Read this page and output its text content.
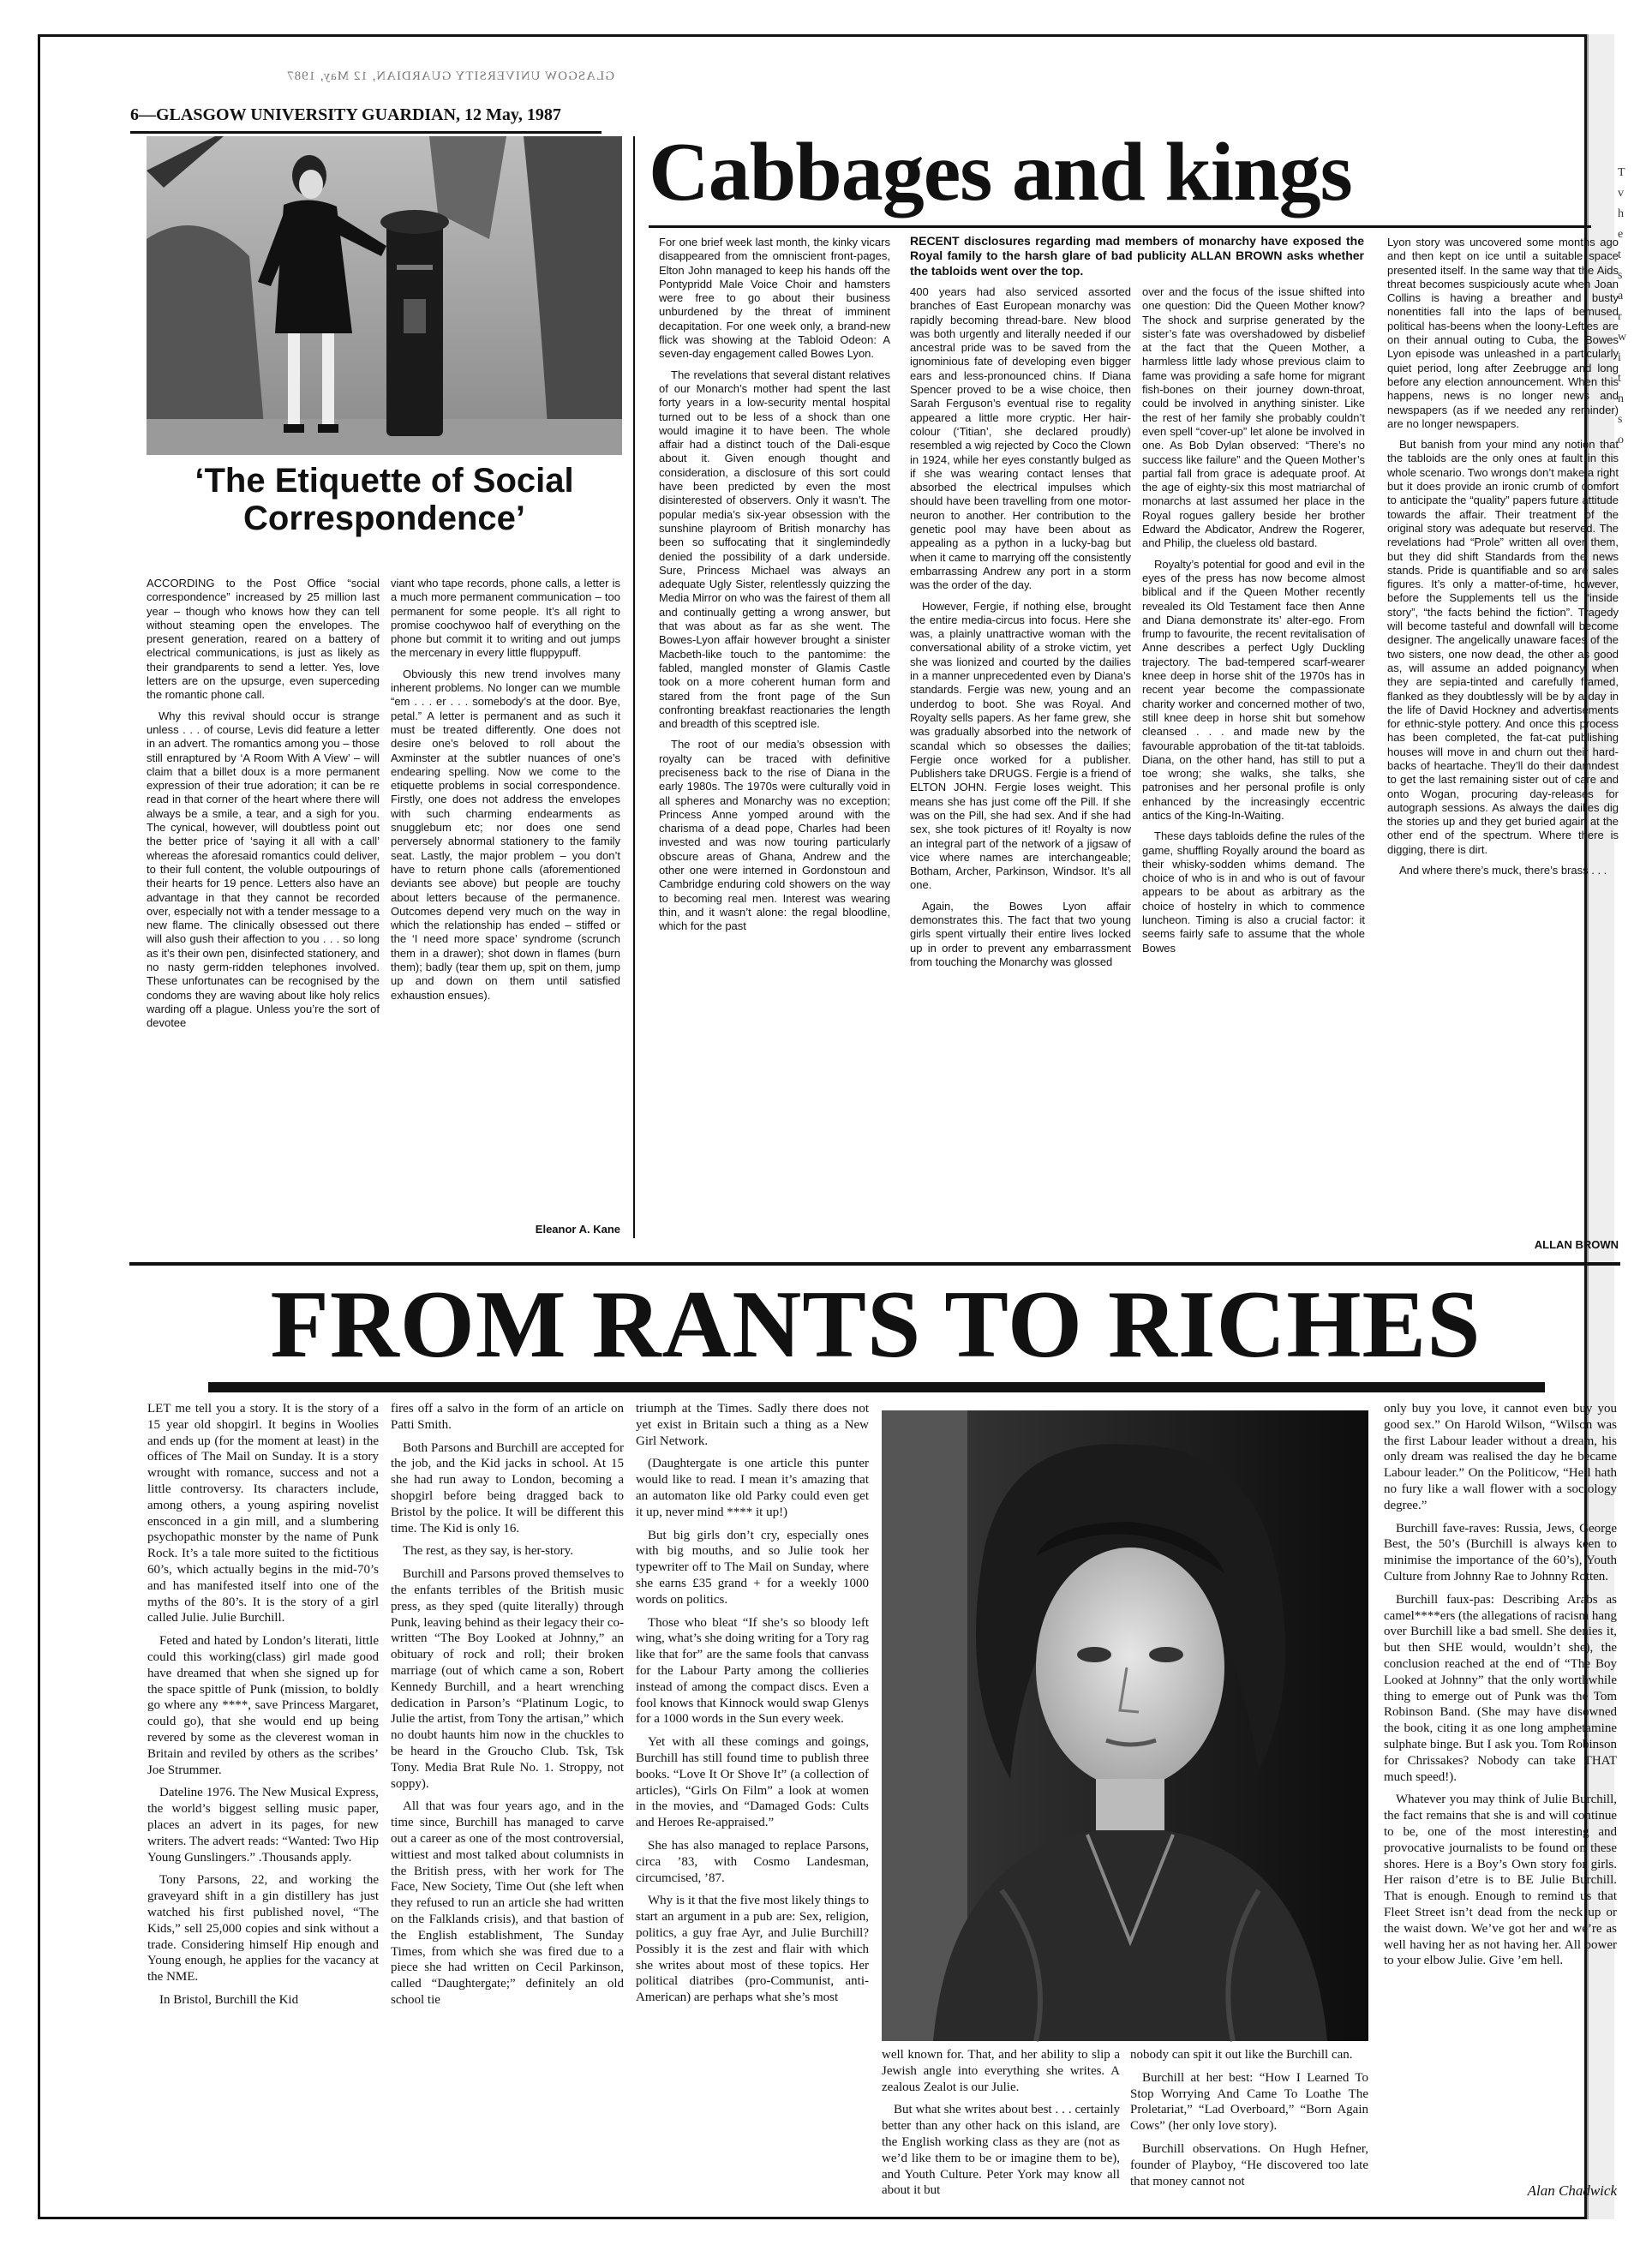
T
v
h
e
t
s
a
r
w
i
t
n
s
o
GLASGOW UNIVERSITY GUARDIAN, 12 May, 1987
6—GLASGOW UNIVERSITY GUARDIAN, 12 May, 1987
‘The Etiquette of Social Correspondence’

ACCORDING to the Post Office “social correspondence” increased by 25 million last year – though who knows how they can tell without steaming open the envelopes. The present generation, reared on a battery of electrical communications, is just as likely as their grandparents to send a letter. Yes, love letters are on the upsurge, even superceding the romantic phone call.

Why this revival should occur is strange unless . . . of course, Levis did feature a letter in an advert. The romantics among you – those still enraptured by ‘A Room With A View’ – will claim that a billet doux is a more permanent expression of their true adoration; it can be re read in that corner of the heart where there will always be a smile, a tear, and a sigh for you. The cynical, however, will doubtless point out the better price of ‘saying it all with a call’ whereas the aforesaid romantics could deliver, to their full content, the voluble outpourings of their hearts for 19 pence. Letters also have an advantage in that they cannot be recorded over, especially not with a tender message to a new flame. The clinically obsessed out there will also gush their affection to you . . . so long as it’s their own pen, disinfected stationery, and no nasty germ-ridden telephones involved. These unfortunates can be recognised by the condoms they are waving about like holy relics warding off a plague. Unless you’re the sort of devotee

viant who tape records, phone calls, a letter is a much more permanent communication – too permanent for some people. It’s all right to promise coochywoo half of everything on the phone but commit it to writing and out jumps the mercenary in every little fluppypuff.

Obviously this new trend involves many inherent problems. No longer can we mumble “em . . . er . . . somebody’s at the door. Bye, petal.” A letter is permanent and as such it must be treated differently. One does not desire one’s beloved to roll about the Axminster at the subtler nuances of one’s endearing spelling. Now we come to the etiquette problems in social correspondence. Firstly, one does not address the envelopes with such charming endearments as snugglebum etc; nor does one send perversely abnormal stationery to the family seat. Lastly, the major problem – you don’t have to return phone calls (aforementioned deviants see above) but people are touchy about letters because of the permanence. Outcomes depend very much on the way in which the relationship has ended – stiffed or the ‘I need more space’ syndrome (scrunch them in a drawer); shot down in flames (burn them); badly (tear them up, spit on them, jump up and down on them until satisfied exhaustion ensues).

Eleanor A. Kane
Cabbages and kings

For one brief week last month, the kinky vicars disappeared from the omniscient front-pages, Elton John managed to keep his hands off the Pontypridd Male Voice Choir and hamsters were free to go about their business unburdened by the threat of imminent decapitation. For one week only, a brand-new flick was showing at the Tabloid Odeon: A seven-day engagement called Bowes Lyon.

The revelations that several distant relatives of our Monarch’s mother had spent the last forty years in a low-security mental hospital turned out to be less of a shock than one would imagine it to have been. The whole affair had a distinct touch of the Dali-esque about it. Given enough thought and consideration, a disclosure of this sort could have been predicted by even the most disinterested of observers. Only it wasn’t. The popular media’s six-year obsession with the sunshine playroom of British monarchy has been so suffocating that it singlemindedly denied the possibility of a dark underside. Sure, Princess Michael was always an adequate Ugly Sister, relentlessly quizzing the Media Mirror on who was the fairest of them all and continually getting a wrong answer, but that was about as far as she went. The Bowes-Lyon affair however brought a sinister Macbeth-like touch to the pantomime: the fabled, mangled monster of Glamis Castle took on a more coherent human form and stared from the front page of the Sun confronting breakfast reactionaries the length and breadth of this sceptred isle.

The root of our media’s obsession with royalty can be traced with definitive preciseness back to the rise of Diana in the early 1980s. The 1970s were culturally void in all spheres and Monarchy was no exception; Princess Anne yomped around with the charisma of a dead pope, Charles had been invested and was now touring particularly obscure areas of Ghana, Andrew and the other one were interned in Gordonstoun and Cambridge enduring cold showers on the way to becoming real men. Interest was wearing thin, and it wasn’t alone: the regal bloodline, which for the past

RECENT disclosures regarding mad members of monarchy have exposed the Royal family to the harsh glare of bad publicity ALLAN BROWN asks whether the tabloids went over the top.

400 years had also serviced assorted branches of East European monarchy was rapidly becoming thread-bare. New blood was both urgently and literally needed if our ancestral pride was to be saved from the ignominious fate of developing even bigger ears and less-pronounced chins. If Diana Spencer proved to be a wise choice, then Sarah Ferguson’s eventual rise to regality appeared a little more cryptic. Her hair-colour (‘Titian’, she declared proudly) resembled a wig rejected by Coco the Clown in 1924, while her eyes constantly bulged as if she was wearing contact lenses that absorbed the electrical impulses which should have been travelling from one motor-neuron to another. Her contribution to the genetic pool may have been about as appealing as a python in a lucky-bag but when it came to marrying off the consistently embarrassing Andrew any port in a storm was the order of the day.

However, Fergie, if nothing else, brought the entire media-circus into focus. Here she was, a plainly unattractive woman with the conversational ability of a stroke victim, yet she was lionized and courted by the dailies in a manner unprecedented even by Diana’s standards. Fergie was new, young and an underdog to boot. She was Royal. And Royalty sells papers. As her fame grew, she was gradually absorbed into the network of scandal which so obsesses the dailies; Fergie once worked for a publisher. Publishers take DRUGS. Fergie is a friend of ELTON JOHN. Fergie loses weight. This means she has just come off the Pill. If she was on the Pill, she had sex. And if she had sex, she took pictures of it! Royalty is now an integral part of the network of a jigsaw of vice where names are interchangeable; Botham, Archer, Parkinson, Windsor. It’s all one.

Again, the Bowes Lyon affair demonstrates this. The fact that two young girls spent virtually their entire lives locked up in order to prevent any embarrassment from touching the Monarchy was glossed

over and the focus of the issue shifted into one question: Did the Queen Mother know? The shock and surprise generated by the sister’s fate was overshadowed by disbelief at the fact that the Queen Mother, a harmless little lady whose previous claim to fame was providing a safe home for migrant fish-bones on their journey down-throat, could be involved in anything sinister. Like the rest of her family she probably couldn’t even spell “cover-up” let alone be involved in one. As Bob Dylan observed: “There’s no success like failure” and the Queen Mother’s partial fall from grace is adequate proof. At the age of eighty-six this most matriarchal of monarchs at last assumed her place in the Royal rogues gallery beside her brother Edward the Abdicator, Andrew the Rogerer, and Philip, the clueless old bastard.

Royalty’s potential for good and evil in the eyes of the press has now become almost biblical and if the Queen Mother recently revealed its Old Testament face then Anne and Diana demonstrate its’ alter-ego. From frump to favourite, the recent revitalisation of Anne describes a perfect Ugly Duckling trajectory. The bad-tempered scarf-wearer knee deep in horse shit of the 1970s has in recent year become the compassionate charity worker and concerned mother of two, still knee deep in horse shit but somehow cleansed . . . and made new by the favourable approbation of the tit-tat tabloids. Diana, on the other hand, has still to put a toe wrong; she walks, she talks, she patronises and her personal profile is only enhanced by the increasingly eccentric antics of the King-In-Waiting.

These days tabloids define the rules of the game, shuffling Royally around the board as their whisky-sodden whims demand. The choice of who is in and who is out of favour appears to be about as arbitrary as the choice of hostelry in which to commence luncheon. Timing is also a crucial factor: it seems fairly safe to assume that the whole Bowes

Lyon story was uncovered some months ago and then kept on ice until a suitable space presented itself. In the same way that the Aids threat becomes suspiciously acute when Joan Collins is having a breather and busty nonentities fall into the laps of bemused political has-beens when the loony-Lefties are on their annual outing to Cuba, the Bowes Lyon episode was unleashed in a particularly quiet period, long after Zeebrugge and long before any election announcement. When this happens, news is no longer news and newspapers (as if we needed any reminder) are no longer newspapers.

But banish from your mind any notion that the tabloids are the only ones at fault in this whole scenario. Two wrongs don’t make a right but it does provide an ironic crumb of comfort to anticipate the “quality” papers future attitude towards the affair. Their treatment of the original story was adequate but reserved. The revelations had “Prole” written all over them, but they did shift Standards from the news stands. Pride is quantifiable and so are sales figures. It’s only a matter-of-time, however, before the Supplements tell us the “inside story”, “the facts behind the fiction”. Tragedy will become tasteful and downfall will become designer. The angelically unaware faces of the two sisters, one now dead, the other as good as, will assume an added poignancy when they are sepia-tinted and carefully framed, flanked as they doubtlessly will be by a day in the life of David Hockney and advertisements for ethnic-style pottery. And once this process has been completed, the fat-cat publishing houses will move in and churn out their hard-backs of heartache. They’ll do their damndest to get the last remaining sister out of care and onto Wogan, procuring day-releases for autograph sessions. As always the dailies dig the stories up and they get buried again at the other end of the spectrum. Where there is digging, there is dirt.

And where there’s muck, there’s brass . . .

ALLAN BROWN
FROM RANTS TO RICHES

LET me tell you a story. It is the story of a 15 year old shopgirl. It begins in Woolies and ends up (for the moment at least) in the offices of The Mail on Sunday. It is a story wrought with romance, success and not a little controversy. Its characters include, among others, a young aspiring novelist ensconced in a gin mill, and a slumbering psychopathic monster by the name of Punk Rock. It’s a tale more suited to the fictitious 60’s, which actually begins in the mid-70’s and has manifested itself into one of the myths of the 80’s. It is the story of a girl called Julie. Julie Burchill.

Feted and hated by London’s literati, little could this working(class) girl made good have dreamed that when she signed up for the space spittle of Punk (mission, to boldly go where any ****, save Princess Margaret, could go), that she would end up being revered by some as the cleverest woman in Britain and reviled by others as the scribes’ Joe Strummer.

Dateline 1976. The New Musical Express, the world’s biggest selling music paper, places an advert in its pages, for new writers. The advert reads: “Wanted: Two Hip Young Gunslingers.” .Thousands apply.

Tony Parsons, 22, and working the graveyard shift in a gin distillery has just watched his first published novel, “The Kids,” sell 25,000 copies and sink without a trade. Considering himself Hip enough and Young enough, he applies for the vacancy at the NME.

In Bristol, Burchill the Kid

fires off a salvo in the form of an article on Patti Smith.

Both Parsons and Burchill are accepted for the job, and the Kid jacks in school. At 15 she had run away to London, becoming a shopgirl before being dragged back to Bristol by the police. It will be different this time. The Kid is only 16.

The rest, as they say, is her-story.

Burchill and Parsons proved themselves to the enfants terribles of the British music press, as they sped (quite literally) through Punk, leaving behind as their legacy their co-written “The Boy Looked at Johnny,” an obituary of rock and roll; their broken marriage (out of which came a son, Robert Kennedy Burchill, and a heart wrenching dedication in Parson’s “Platinum Logic, to Julie the artist, from Tony the artisan,” which no doubt haunts him now in the chuckles to be heard in the Groucho Club. Tsk, Tsk Tony. Media Brat Rule No. 1. Stroppy, not soppy).

All that was four years ago, and in the time since, Burchill has managed to carve out a career as one of the most controversial, wittiest and most talked about columnists in the British press, with her work for The Face, New Society, Time Out (she left when they refused to run an article she had written on the Falklands crisis), and that bastion of the English establishment, The Sunday Times, from which she was fired due to a piece she had written on Cecil Parkinson, called “Daughtergate;” definitely an old school tie

triumph at the Times. Sadly there does not yet exist in Britain such a thing as a New Girl Network.

(Daughtergate is one article this punter would like to read. I mean it’s amazing that an automaton like old Parky could even get it up, never mind **** it up!)

But big girls don’t cry, especially ones with big mouths, and so Julie took her typewriter off to The Mail on Sunday, where she earns £35 grand + for a weekly 1000 words on politics.

Those who bleat “If she’s so bloody left wing, what’s she doing writing for a Tory rag like that for” are the same fools that canvass for the Labour Party among the collieries instead of among the compact discs. Even a fool knows that Kinnock would swap Glenys for a 1000 words in the Sun every week.

Yet with all these comings and goings, Burchill has still found time to publish three books. “Love It Or Shove It” (a collection of articles), “Girls On Film” a look at women in the movies, and “Damaged Gods: Cults and Heroes Re-appraised.”

She has also managed to replace Parsons, circa ’83, with Cosmo Landesman, circumcised, ’87.

Why is it that the five most likely things to start an argument in a pub are: Sex, religion, politics, a guy frae Ayr, and Julie Burchill? Possibly it is the zest and flair with which she writes about most of these topics. Her political diatribes (pro-Communist, anti-American) are perhaps what she’s most

well known for. That, and her ability to slip a Jewish angle into everything she writes. A zealous Zealot is our Julie.

But what she writes about best . . . certainly better than any other hack on this island, are the English working class as they are (not as we’d like them to be or imagine them to be), and Youth Culture. Peter York may know all about it but

nobody can spit it out like the Burchill can.

Burchill at her best: “How I Learned To Stop Worrying And Came To Loathe The Proletariat,” “Lad Overboard,” “Born Again Cows” (her only love story).

Burchill observations. On Hugh Hefner, founder of Playboy, “He discovered too late that money cannot not

only buy you love, it cannot even buy you good sex.” On Harold Wilson, “Wilson was the first Labour leader without a dream, his only dream was realised the day he became Labour leader.” On the Politicow, “Hell hath no fury like a wall flower with a sociology degree.”

Burchill fave-raves: Russia, Jews, George Best, the 50’s (Burchill is always keen to minimise the importance of the 60’s), Youth Culture from Johnny Rae to Johnny Rotten.

Burchill faux-pas: Describing Arabs as camel****ers (the allegations of racism hang over Burchill like a bad smell. She denies it, but then SHE would, wouldn’t she), the conclusion reached at the end of “The Boy Looked at Johnny” that the only worthwhile thing to emerge out of Punk was the Tom Robinson Band. (She may have disowned the book, citing it as one long amphetamine sulphate binge. But I ask you. Tom Robinson for Chrissakes? Nobody can take THAT much speed!).

Whatever you may think of Julie Burchill, the fact remains that she is and will continue to be, one of the most interesting and provocative journalists to be found on these shores. Here is a Boy’s Own story for girls. Her raison d’etre is to BE Julie Burchill. That is enough. Enough to remind us that Fleet Street isn’t dead from the neck up or the waist down. We’ve got her and we’re as well having her as not having her. All power to your elbow Julie. Give ’em hell.

Alan Chadwick
